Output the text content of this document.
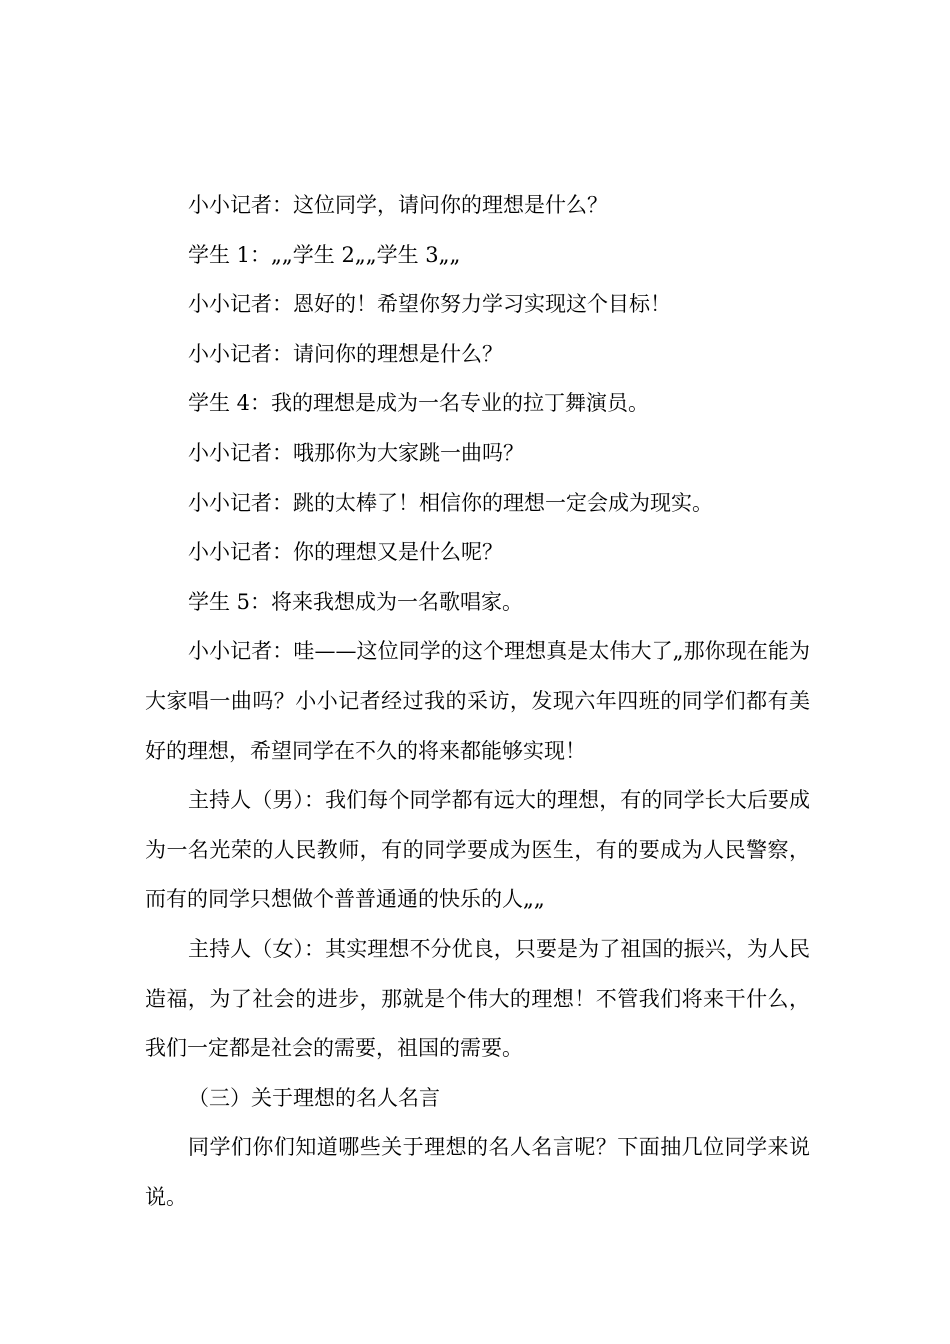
小小记者：这位同学，请问你的理想是什么？

学生 1：„„学生 2„„学生 3„„

小小记者：恩好的！希望你努力学习实现这个目标！

小小记者：请问你的理想是什么？

学生 4：我的理想是成为一名专业的拉丁舞演员。

小小记者：哦那你为大家跳一曲吗？

小小记者：跳的太棒了！相信你的理想一定会成为现实。

小小记者：你的理想又是什么呢？

学生 5：将来我想成为一名歌唱家。

小小记者：哇——这位同学的这个理想真是太伟大了„那你现在能为大家唱一曲吗？小小记者经过我的采访，发现六年四班的同学们都有美好的理想，希望同学在不久的将来都能够实现！

主持人（男）：我们每个同学都有远大的理想，有的同学长大后要成为一名光荣的人民教师，有的同学要成为医生，有的要成为人民警察，而有的同学只想做个普普通通的快乐的人„„

主持人（女）：其实理想不分优良，只要是为了祖国的振兴，为人民造福，为了社会的进步，那就是个伟大的理想！不管我们将来干什么，我们一定都是社会的需要，祖国的需要。

（三）关于理想的名人名言

同学们你们知道哪些关于理想的名人名言呢？下面抽几位同学来说说。
